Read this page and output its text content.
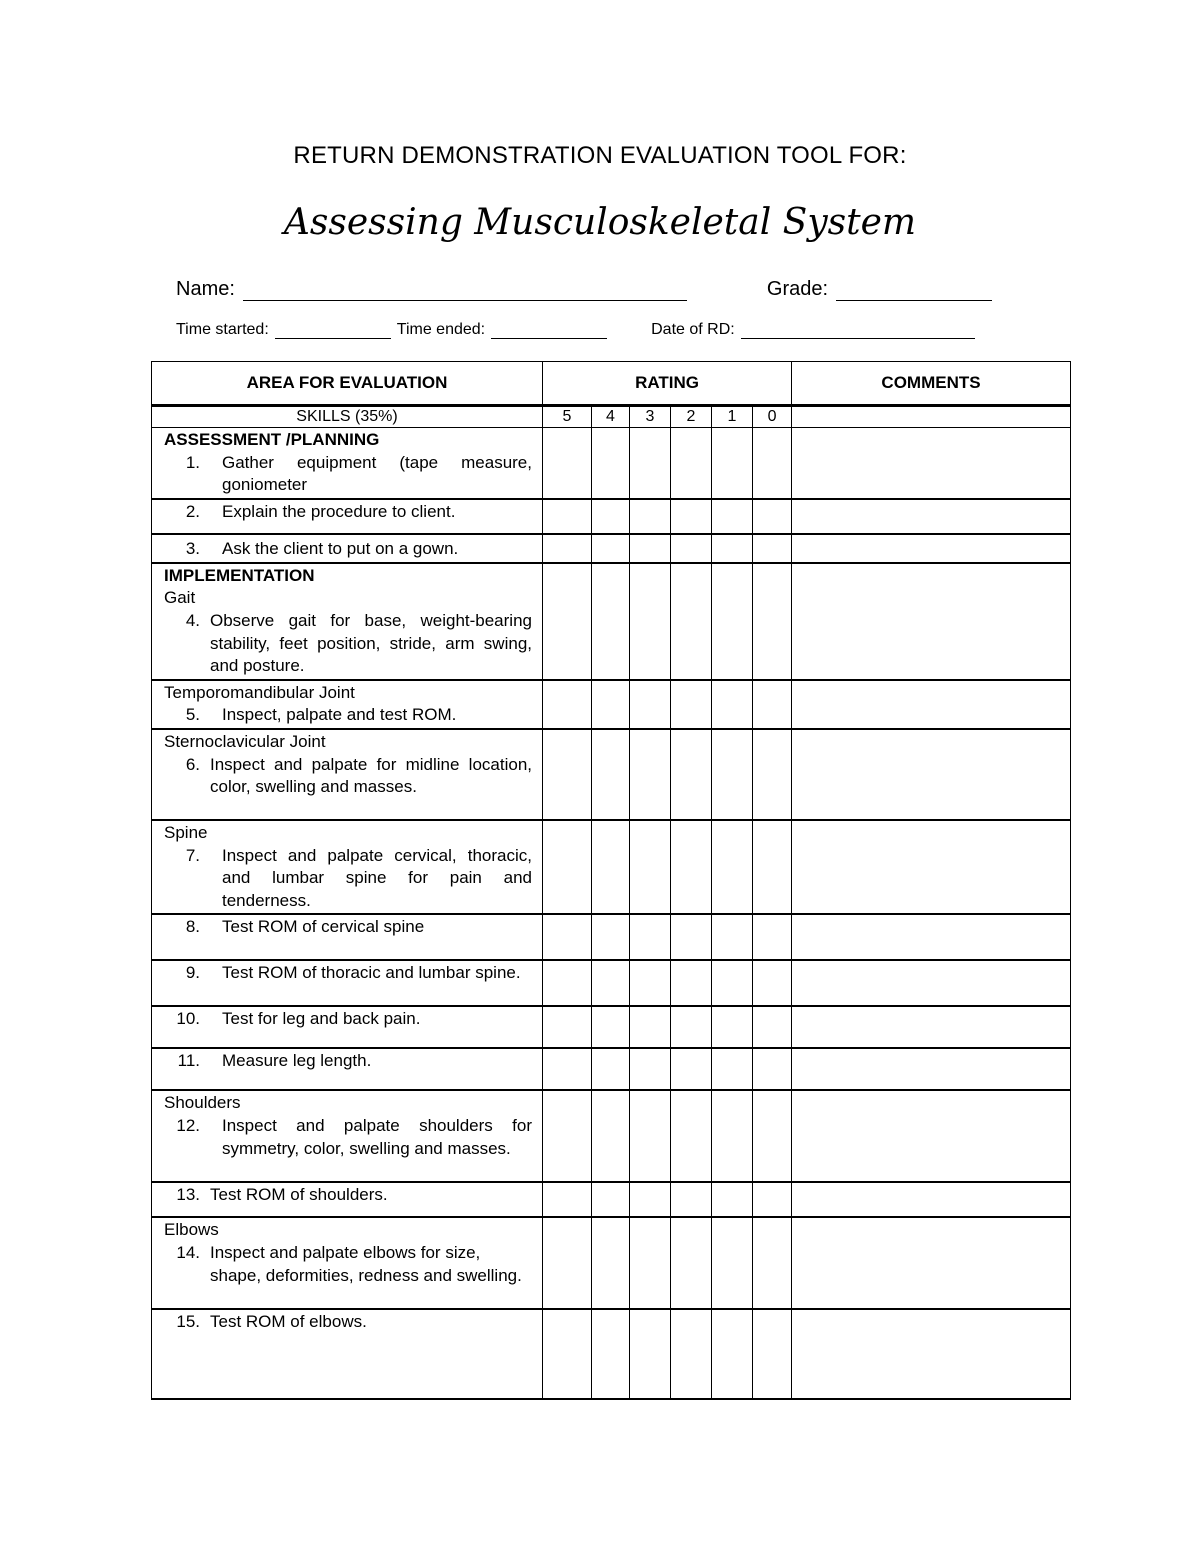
RETURN DEMONSTRATION EVALUATION TOOL FOR:
Assessing Musculoskeletal System
Name:	Grade:
Time started:	Time ended:	Date of RD:
AREA FOR EVALUATION	RATING						COMMENTS
SKILLS (35%)	5	4	3	2	1	0	

ASSESSMENT /PLANNING
1. Gather equipment (tape measure, goniometer							

2. Explain the procedure to client.							

3. Ask the client to put on a gown.							

IMPLEMENTATION
Gait
4. Observe gait for base, weight-bearing stability, feet position, stride, arm swing, and posture.							

Temporomandibular Joint
5. Inspect, palpate and test ROM.							

Sternoclavicular Joint
6. Inspect and palpate for midline location, color, swelling and masses.							

Spine
7. Inspect and palpate cervical, thoracic, and lumbar spine for pain and tenderness.							

8. Test ROM of cervical spine							

9. Test ROM of thoracic and lumbar spine.							

10. Test for leg and back pain.							

11. Measure leg length.							

Shoulders
12. Inspect and palpate shoulders for symmetry, color, swelling and masses.							

13. Test ROM of shoulders.							

Elbows
14. Inspect and palpate elbows for size, shape, deformities, redness and swelling.							

15. Test ROM of elbows.							
